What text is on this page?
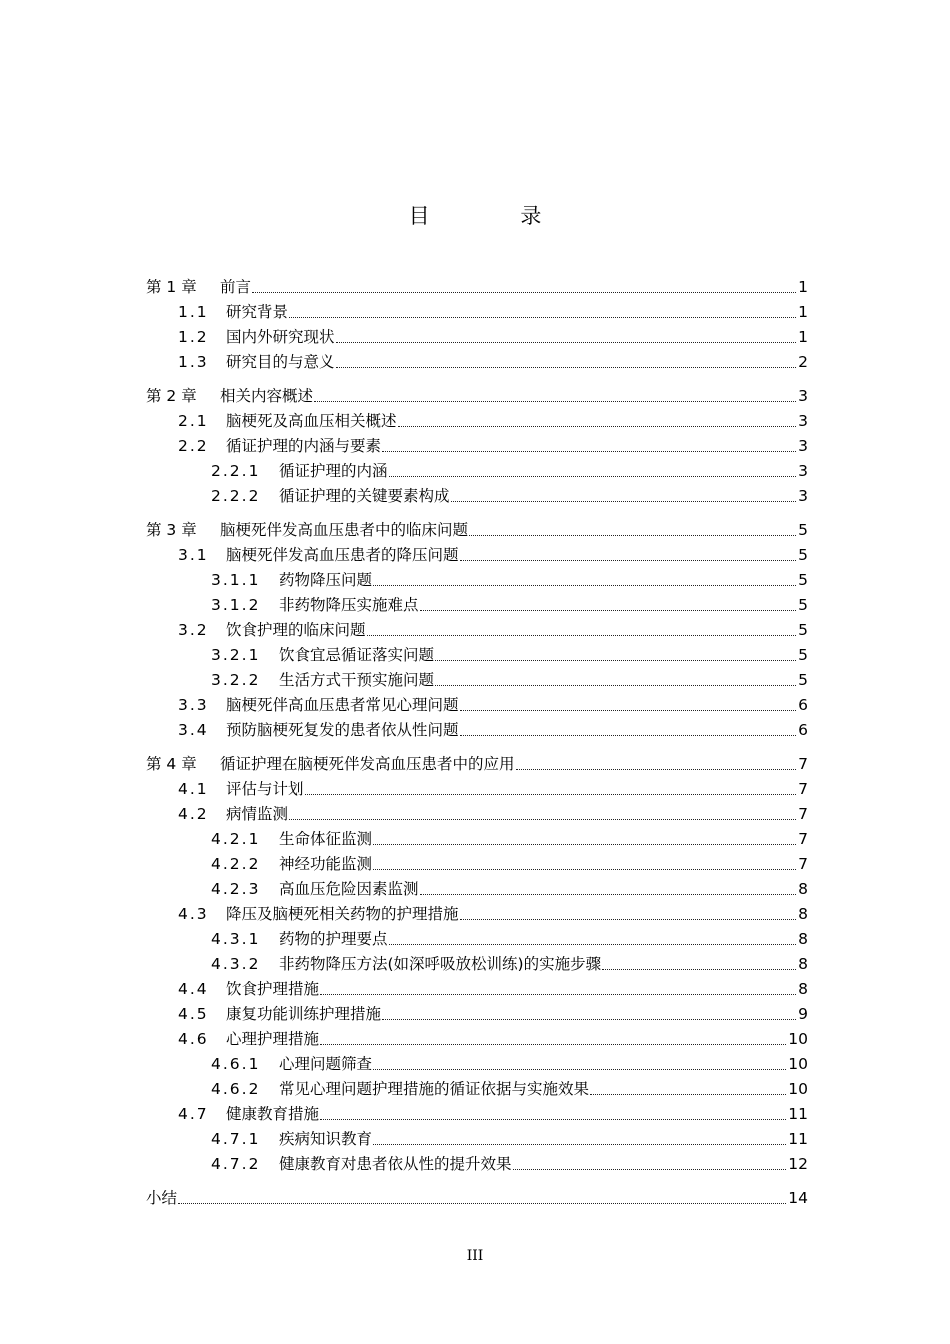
目 录
第 1 章	前言	1
1.1	研究背景	1
1.2	国内外研究现状	1
1.3	研究目的与意义	2
第 2 章	相关内容概述	3
2.1	脑梗死及高血压相关概述	3
2.2	循证护理的内涵与要素	3
2.2.1	循证护理的内涵	3
2.2.2	循证护理的关键要素构成	3
第 3 章	脑梗死伴发高血压患者中的临床问题	5
3.1	脑梗死伴发高血压患者的降压问题	5
3.1.1	药物降压问题	5
3.1.2	非药物降压实施难点	5
3.2	饮食护理的临床问题	5
3.2.1	饮食宜忌循证落实问题	5
3.2.2	生活方式干预实施问题	5
3.3	脑梗死伴高血压患者常见心理问题	6
3.4	预防脑梗死复发的患者依从性问题	6
第 4 章	循证护理在脑梗死伴发高血压患者中的应用	7
4.1	评估与计划	7
4.2	病情监测	7
4.2.1	生命体征监测	7
4.2.2	神经功能监测	7
4.2.3	高血压危险因素监测	8
4.3	降压及脑梗死相关药物的护理措施	8
4.3.1	药物的护理要点	8
4.3.2	非药物降压方法(如深呼吸放松训练)的实施步骤	8
4.4	饮食护理措施	8
4.5	康复功能训练护理措施	9
4.6	心理护理措施	10
4.6.1	心理问题筛查	10
4.6.2	常见心理问题护理措施的循证依据与实施效果	10
4.7	健康教育措施	11
4.7.1	疾病知识教育	11
4.7.2	健康教育对患者依从性的提升效果	12
小结	14
III
